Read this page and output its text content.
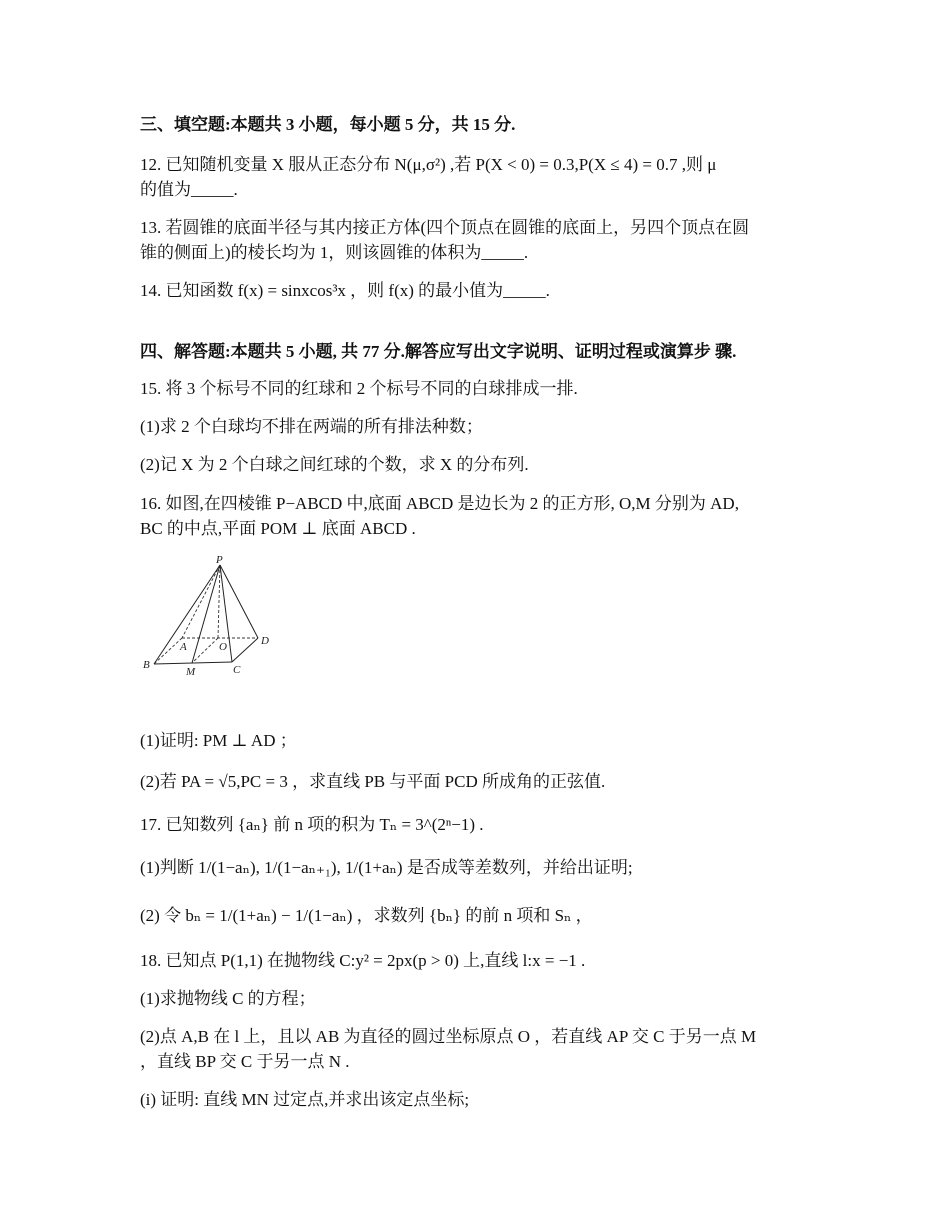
三、填空题:本题共 3 小题，每小题 5 分，共 15 分.
12. 已知随机变量 X 服从正态分布 N(μ,σ²) ,若 P(X < 0) = 0.3,P(X ≤ 4) = 0.7 ,则 μ
的值为_____.
13. 若圆锥的底面半径与其内接正方体(四个顶点在圆锥的底面上，另四个顶点在圆
锥的侧面上)的棱长均为 1，则该圆锥的体积为_____.
14. 已知函数 f(x) = sinxcos³x ，则 f(x) 的最小值为_____.
四、解答题:本题共 5 小题, 共 77 分.解答应写出文字说明、证明过程或演算步 骤.
15. 将 3 个标号不同的红球和 2 个标号不同的白球排成一排.
(1)求 2 个白球均不排在两端的所有排法种数；
(2)记 X 为 2 个白球之间红球的个数，求 X 的分布列.
16. 如图,在四棱锥 P−ABCD 中,底面 ABCD 是边长为 2 的正方形, O,M 分别为 AD,
BC 的中点,平面 POM ⊥ 底面 ABCD .
P
A
B	C
D
O
M
(1)证明: PM ⊥ AD ；
(2)若 PA = √5,PC = 3 ，求直线 PB 与平面 PCD 所成角的正弦值.
17. 已知数列 {aₙ} 前 n 项的积为 Tₙ = 3^(2ⁿ−1) .
(1)判断 1/(1−aₙ), 1/(1−aₙ₊₁), 1/(1+aₙ) 是否成等差数列，并给出证明;
(2) 令 bₙ = 1/(1+aₙ) − 1/(1−aₙ) ，求数列 {bₙ} 的前 n 项和 Sₙ ，
18. 已知点 P(1,1) 在抛物线 C:y² = 2px(p > 0) 上,直线 l:x = −1 .
(1)求抛物线 C 的方程；
(2)点 A,B 在 l 上，且以 AB 为直径的圆过坐标原点 O ，若直线 AP 交 C 于另一点 M
，直线 BP 交 C 于另一点 N .
(i) 证明: 直线 MN 过定点,并求出该定点坐标;
